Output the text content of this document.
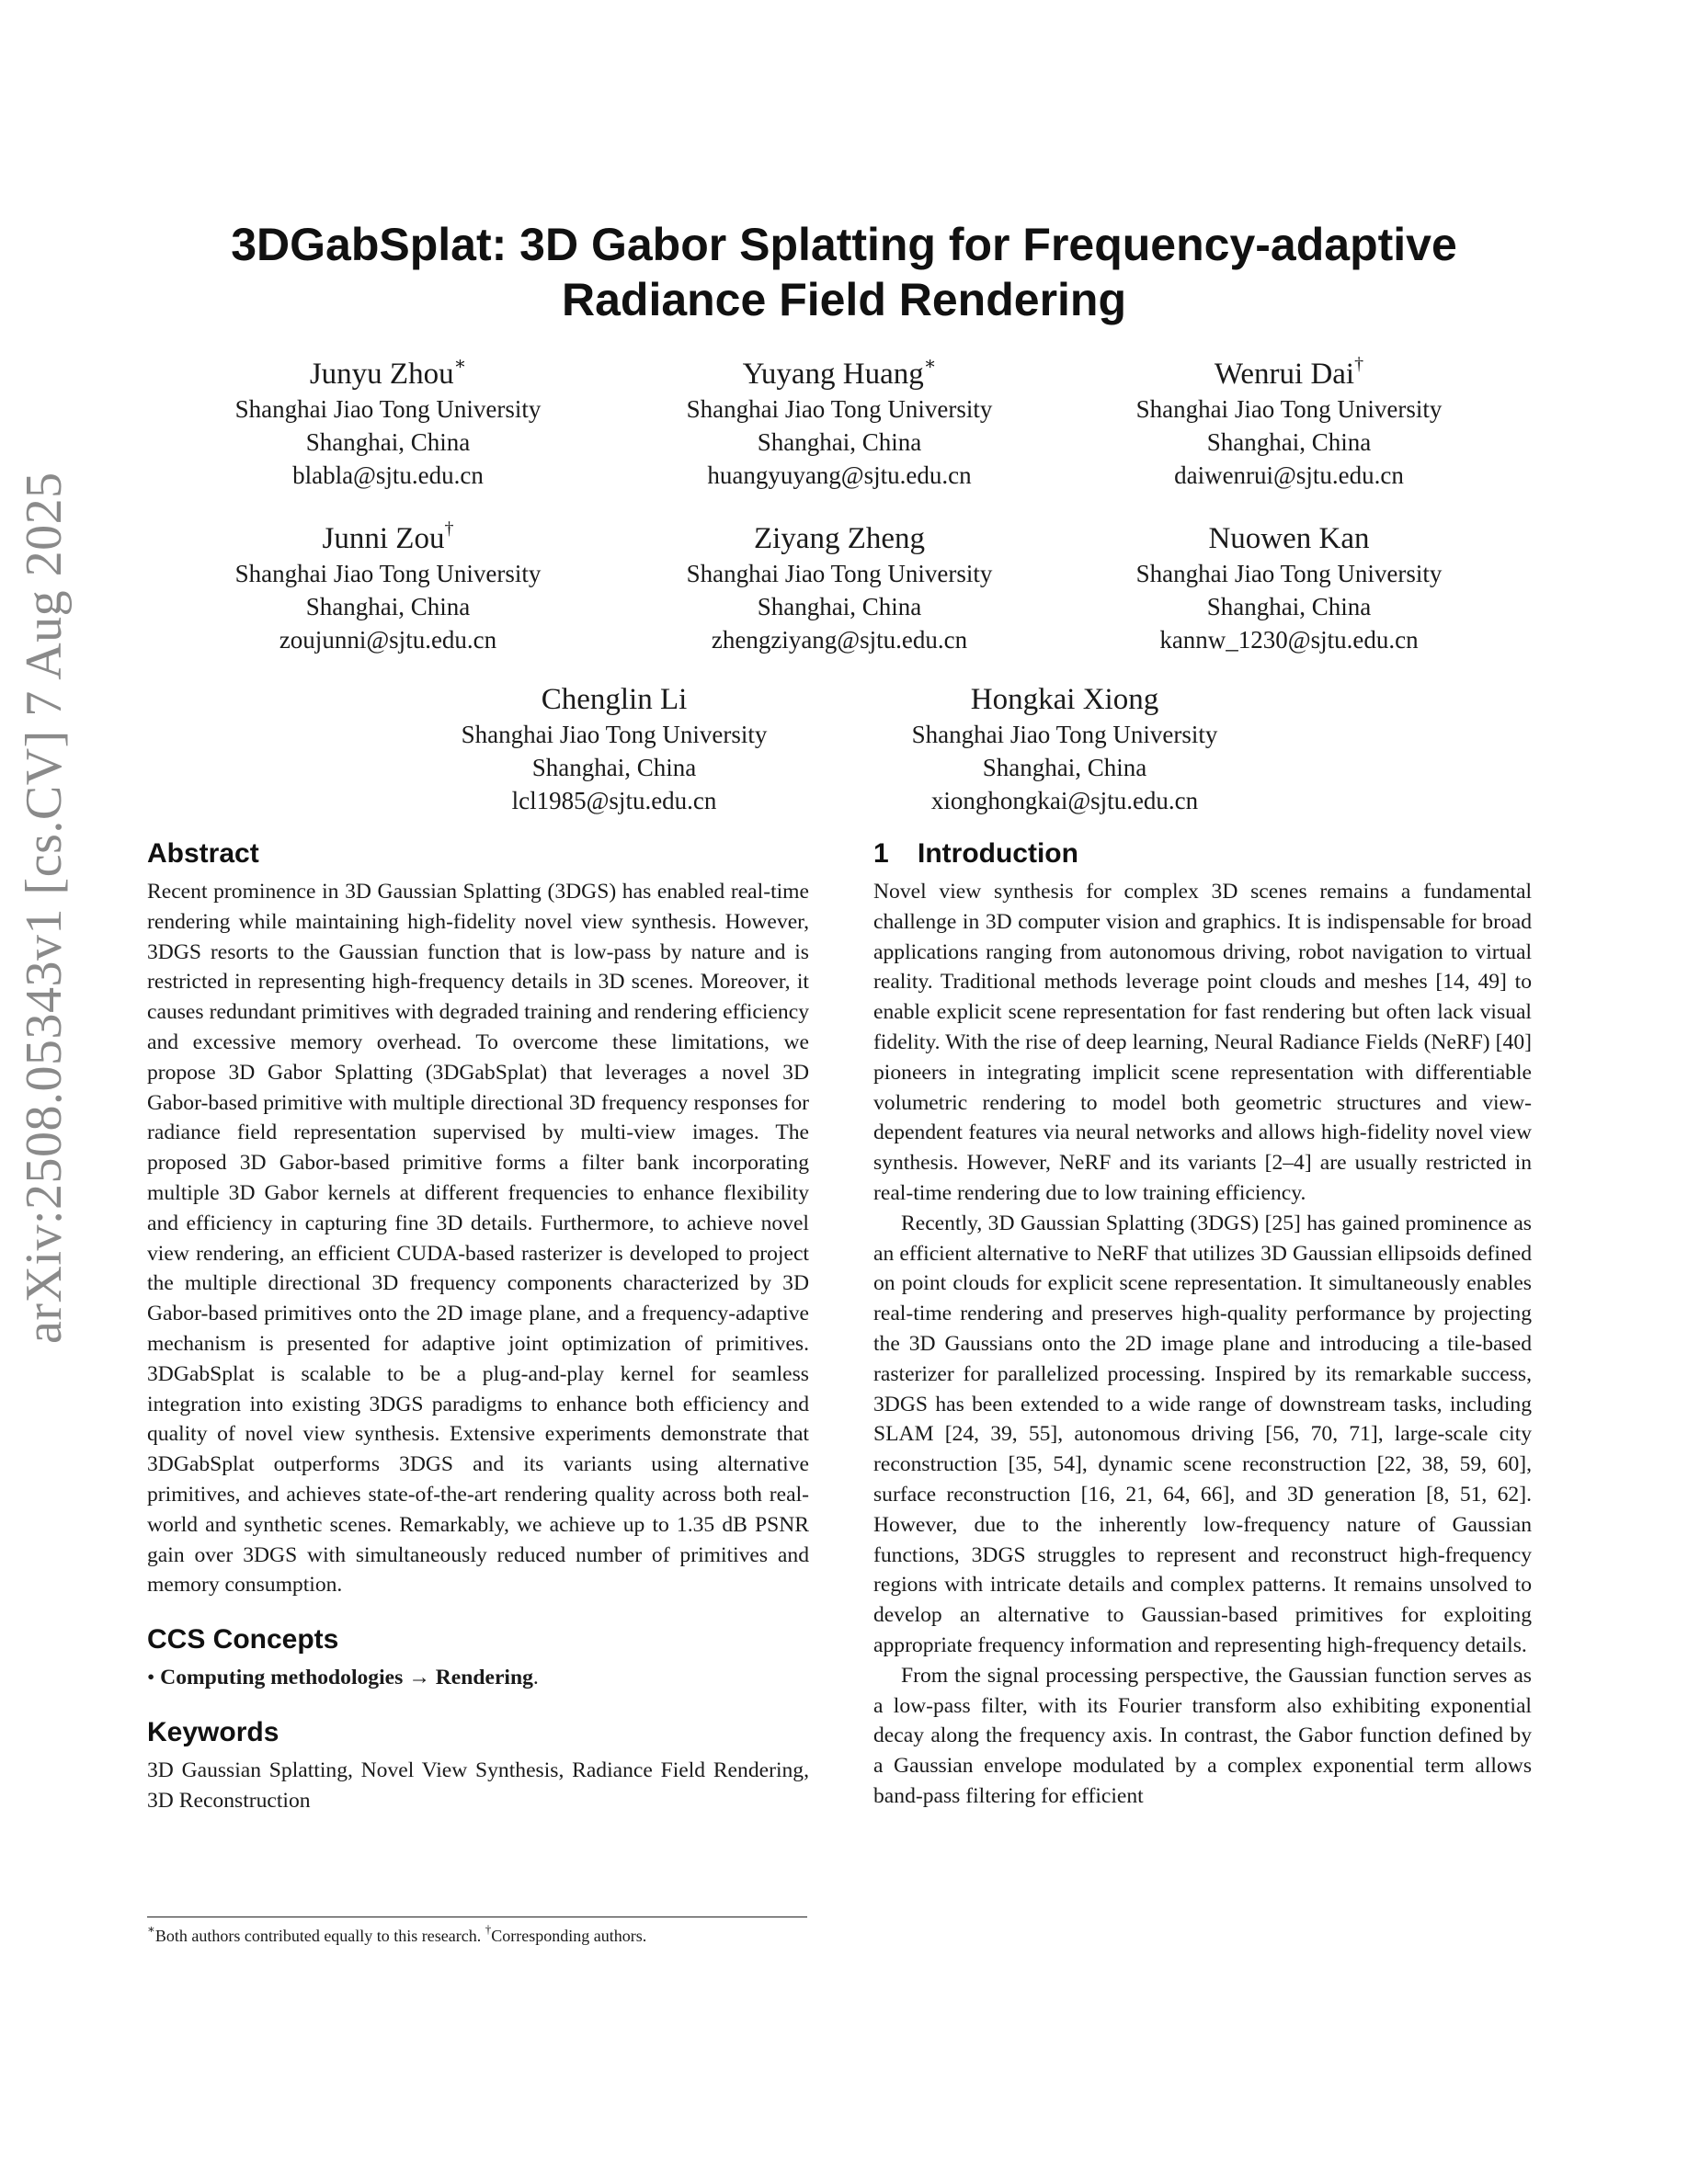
arXiv:2508.05343v1 [cs.CV] 7 Aug 2025
3DGabSplat: 3D Gabor Splatting for Frequency-adaptive
Radiance Field Rendering
Junyu Zhou∗
Shanghai Jiao Tong University
Shanghai, China
blabla@sjtu.edu.cn
Yuyang Huang∗
Shanghai Jiao Tong University
Shanghai, China
huangyuyang@sjtu.edu.cn
Wenrui Dai†
Shanghai Jiao Tong University
Shanghai, China
daiwenrui@sjtu.edu.cn
Junni Zou†
Shanghai Jiao Tong University
Shanghai, China
zoujunni@sjtu.edu.cn
Ziyang Zheng
Shanghai Jiao Tong University
Shanghai, China
zhengziyang@sjtu.edu.cn
Nuowen Kan
Shanghai Jiao Tong University
Shanghai, China
kannw_1230@sjtu.edu.cn
Chenglin Li
Shanghai Jiao Tong University
Shanghai, China
lcl1985@sjtu.edu.cn
Hongkai Xiong
Shanghai Jiao Tong University
Shanghai, China
xionghongkai@sjtu.edu.cn
Abstract

Recent prominence in 3D Gaussian Splatting (3DGS) has enabled real-time rendering while maintaining high-fidelity novel view synthesis. However, 3DGS resorts to the Gaussian function that is low-pass by nature and is restricted in representing high-frequency details in 3D scenes. Moreover, it causes redundant primitives with degraded training and rendering efficiency and excessive memory overhead. To overcome these limitations, we propose 3D Gabor Splatting (3DGabSplat) that leverages a novel 3D Gabor-based primitive with multiple directional 3D frequency responses for radiance field representation supervised by multi-view images. The proposed 3D Gabor-based primitive forms a filter bank incorporating multiple 3D Gabor kernels at different frequencies to enhance flexibility and efficiency in capturing fine 3D details. Furthermore, to achieve novel view rendering, an efficient CUDA-based rasterizer is developed to project the multiple directional 3D frequency components characterized by 3D Gabor-based primitives onto the 2D image plane, and a frequency-adaptive mechanism is presented for adaptive joint optimization of primitives. 3DGabSplat is scalable to be a plug-and-play kernel for seamless integration into existing 3DGS paradigms to enhance both efficiency and quality of novel view synthesis. Extensive experiments demonstrate that 3DGabSplat outperforms 3DGS and its variants using alternative primitives, and achieves state-of-the-art rendering quality across both real-world and synthetic scenes. Remarkably, we achieve up to 1.35 dB PSNR gain over 3DGS with simultaneously reduced number of primitives and memory consumption.

CCS Concepts

• Computing methodologies → Rendering.

Keywords

3D Gaussian Splatting, Novel View Synthesis, Radiance Field Rendering, 3D Reconstruction

∗Both authors contributed equally to this research. †Corresponding authors.
1 Introduction

Novel view synthesis for complex 3D scenes remains a fundamental challenge in 3D computer vision and graphics. It is indispensable for broad applications ranging from autonomous driving, robot navigation to virtual reality. Traditional methods leverage point clouds and meshes [14, 49] to enable explicit scene representation for fast rendering but often lack visual fidelity. With the rise of deep learning, Neural Radiance Fields (NeRF) [40] pioneers in integrating implicit scene representation with differentiable volumetric rendering to model both geometric structures and view-dependent features via neural networks and allows high-fidelity novel view synthesis. However, NeRF and its variants [2–4] are usually restricted in real-time rendering due to low training efficiency.

Recently, 3D Gaussian Splatting (3DGS) [25] has gained prominence as an efficient alternative to NeRF that utilizes 3D Gaussian ellipsoids defined on point clouds for explicit scene representation. It simultaneously enables real-time rendering and preserves high-quality performance by projecting the 3D Gaussians onto the 2D image plane and introducing a tile-based rasterizer for parallelized processing. Inspired by its remarkable success, 3DGS has been extended to a wide range of downstream tasks, including SLAM [24, 39, 55], autonomous driving [56, 70, 71], large-scale city reconstruction [35, 54], dynamic scene reconstruction [22, 38, 59, 60], surface reconstruction [16, 21, 64, 66], and 3D generation [8, 51, 62]. However, due to the inherently low-frequency nature of Gaussian functions, 3DGS struggles to represent and reconstruct high-frequency regions with intricate details and complex patterns. It remains unsolved to develop an alternative to Gaussian-based primitives for exploiting appropriate frequency information and representing high-frequency details.

From the signal processing perspective, the Gaussian function serves as a low-pass filter, with its Fourier transform also exhibiting exponential decay along the frequency axis. In contrast, the Gabor function defined by a Gaussian envelope modulated by a complex exponential term allows band-pass filtering for efficient
